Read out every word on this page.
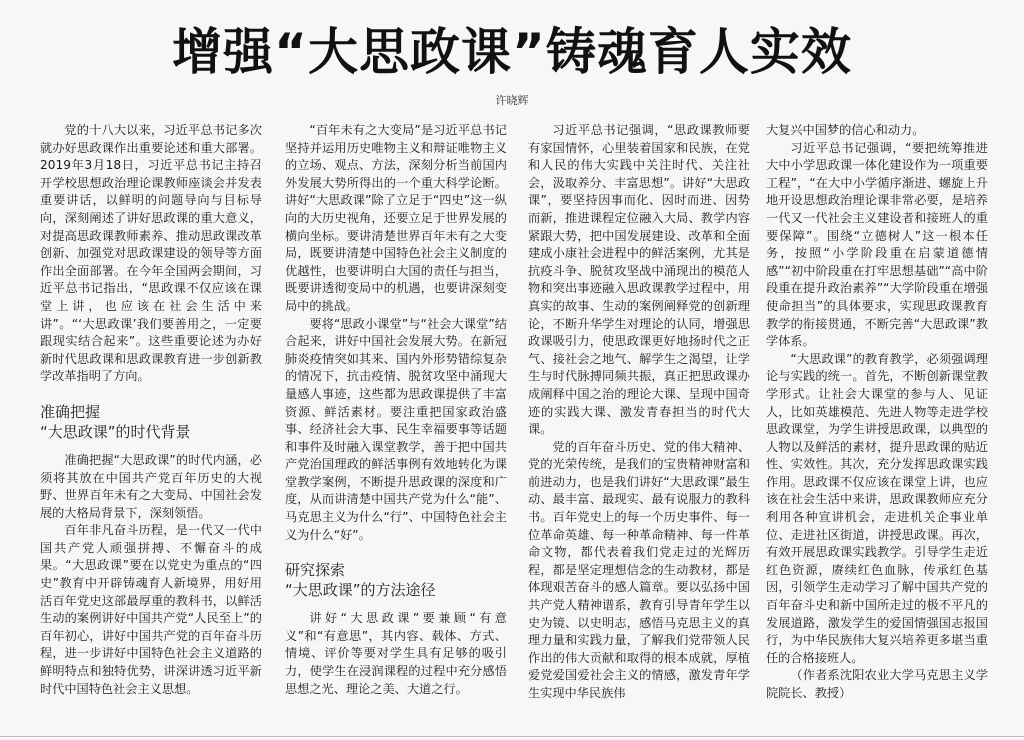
增强“大思政课”铸魂育人实效
许晓辉

党的十八大以来，习近平总书记多次就办好思政课作出重要论述和重大部署。2019年3月18日，习近平总书记主持召开学校思想政治理论课教师座谈会并发表重要讲话，以鲜明的问题导向与目标导向，深刻阐述了讲好思政课的重大意义，对提高思政课教师素养、推动思政课改革创新、加强党对思政课建设的领导等方面作出全面部署。在今年全国两会期间，习近平总书记指出，“思政课不仅应该在课堂上讲，也应该在社会生活中来讲”。“‘大思政课’我们要善用之，一定要跟现实结合起来”。这些重要论述为办好新时代思政课和思政课教育进一步创新教学改革指明了方向。

准确把握
“大思政课”的时代背景

准确把握“大思政课”的时代内涵，必须将其放在中国共产党百年历史的大视野、世界百年未有之大变局、中国社会发展的大格局背景下，深刻领悟。

百年非凡奋斗历程，是一代又一代中国共产党人顽强拼搏、不懈奋斗的成果。“大思政课”要在以党史为重点的“四史”教育中开辟铸魂育人新境界，用好用活百年党史这部最厚重的教科书，以鲜活生动的案例讲好中国共产党“人民至上”的百年初心，讲好中国共产党的百年奋斗历程，进一步讲好中国特色社会主义道路的鲜明特点和独特优势，讲深讲透习近平新时代中国特色社会主义思想。

“百年未有之大变局”是习近平总书记坚持并运用历史唯物主义和辩证唯物主义的立场、观点、方法，深刻分析当前国内外发展大势所得出的一个重大科学论断。讲好“大思政课”除了立足于“四史”这一纵向的大历史视角，还要立足于世界发展的横向坐标。要讲清楚世界百年未有之大变局，既要讲清楚中国特色社会主义制度的优越性，也要讲明白大国的责任与担当，既要讲透彻变局中的机遇，也要讲深刻变局中的挑战。

要将“思政小课堂”与“社会大课堂”结合起来，讲好中国社会发展大势。在新冠肺炎疫情突如其来、国内外形势错综复杂的情况下，抗击疫情、脱贫攻坚中涌现大量感人事迹，这些都为思政课提供了丰富资源、鲜活素材。要注重把国家政治盛事、经济社会大事、民生幸福要事等话题和事件及时融入课堂教学，善于把中国共产党治国理政的鲜活事例有效地转化为课堂教学案例，不断提升思政课的深度和广度，从而讲清楚中国共产党为什么“能”、马克思主义为什么“行”、中国特色社会主义为什么“好”。

研究探索
“大思政课”的方法途径

讲好“大思政课”要兼顾“有意义”和“有意思”，其内容、载体、方式、情境、评价等要对学生具有足够的吸引力，使学生在浸润课程的过程中充分感悟思想之光、理论之美、大道之行。

习近平总书记强调，“思政课教师要有家国情怀，心里装着国家和民族，在党和人民的伟大实践中关注时代、关注社会，汲取养分、丰富思想”。讲好“大思政课”，要坚持因事而化、因时而进、因势而新，推进课程定位融入大局、教学内容紧跟大势，把中国发展建设、改革和全面建成小康社会进程中的鲜活案例，尤其是抗疫斗争、脱贫攻坚战中涌现出的模范人物和突出事迹融入思政课教学过程中，用真实的故事、生动的案例阐释党的创新理论，不断升华学生对理论的认同，增强思政课吸引力，使思政课更好地扬时代之正气、接社会之地气、解学生之渴望，让学生与时代脉搏同频共振，真正把思政课办成阐释中国之治的理论大课、呈现中国奇迹的实践大课、激发青春担当的时代大课。

党的百年奋斗历史、党的伟大精神、党的光荣传统，是我们的宝贵精神财富和前进动力，也是我们讲好“大思政课”最生动、最丰富、最现实、最有说服力的教科书。百年党史上的每一个历史事件、每一位革命英雄、每一种革命精神、每一件革命文物，都代表着我们党走过的光辉历程，都是坚定理想信念的生动教材，都是体现艰苦奋斗的感人篇章。要以弘扬中国共产党人精神谱系，教育引导青年学生以史为镜、以史明志，感悟马克思主义的真理力量和实践力量，了解我们党带领人民作出的伟大贡献和取得的根本成就，厚植爱党爱国爱社会主义的情感，激发青年学生实现中华民族伟

大复兴中国梦的信心和动力。

习近平总书记强调，“要把统筹推进大中小学思政课一体化建设作为一项重要工程”，“在大中小学循序渐进、螺旋上升地开设思想政治理论课非常必要，是培养一代又一代社会主义建设者和接班人的重要保障”。围绕“立德树人”这一根本任务，按照“小学阶段重在启蒙道德情感”“初中阶段重在打牢思想基础”“高中阶段重在提升政治素养”“大学阶段重在增强使命担当”的具体要求，实现思政课教育教学的衔接贯通，不断完善“大思政课”教学体系。

“大思政课”的教育教学，必须强调理论与实践的统一。首先，不断创新课堂教学形式。让社会大课堂的参与人、见证人，比如英雄模范、先进人物等走进学校思政课堂，为学生讲授思政课，以典型的人物以及鲜活的素材，提升思政课的贴近性、实效性。其次，充分发挥思政课实践作用。思政课不仅应该在课堂上讲，也应该在社会生活中来讲，思政课教师应充分利用各种宣讲机会，走进机关企事业单位、走进社区街道，讲授思政课。再次，有效开展思政课实践教学。引导学生走近红色资源，赓续红色血脉，传承红色基因，引领学生走动学习了解中国共产党的百年奋斗史和新中国所走过的极不平凡的发展道路，激发学生的爱国情强国志报国行，为中华民族伟大复兴培养更多堪当重任的合格接班人。

（作者系沈阳农业大学马克思主义学院院长、教授）
